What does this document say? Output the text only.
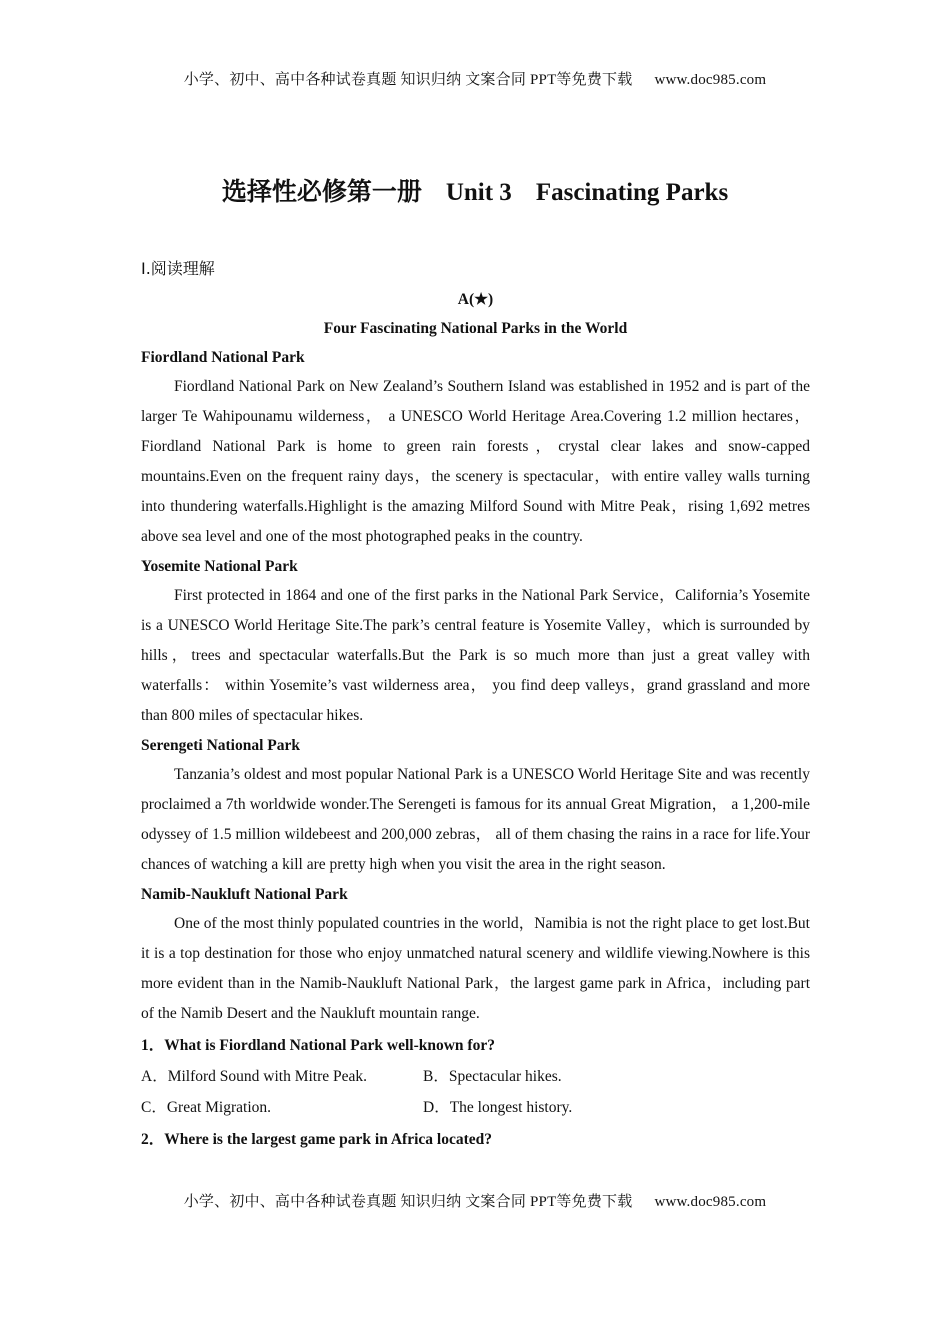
小学、初中、高中各种试卷真题 知识归纳 文案合同 PPT等免费下载 www.doc985.com
选择性必修第一册 Unit 3 Fascinating Parks
Ⅰ.阅读理解
A(★)
Four Fascinating National Parks in the World
Fiordland National Park

Fiordland National Park on New Zealand’s Southern Island was established in 1952 and is part of the larger Te Wahipounamu wilderness， a UNESCO World Heritage Area.Covering 1.2 million hectares，Fiordland National Park is home to green rain forests，crystal clear lakes and snow-capped mountains.Even on the frequent rainy days，the scenery is spectacular，with entire valley walls turning into thundering waterfalls.Highlight is the amazing Milford Sound with Mitre Peak，rising 1,692 metres above sea level and one of the most photographed peaks in the country.

Yosemite National Park

First protected in 1864 and one of the first parks in the National Park Service，California’s Yosemite is a UNESCO World Heritage Site.The park’s central feature is Yosemite Valley，which is surrounded by hills，trees and spectacular waterfalls.But the Park is so much more than just a great valley with waterfalls： within Yosemite’s vast wilderness area， you find deep valleys，grand grassland and more than 800 miles of spectacular hikes.

Serengeti National Park

Tanzania’s oldest and most popular National Park is a UNESCO World Heritage Site and was recently proclaimed a 7th worldwide wonder.The Serengeti is famous for its annual Great Migration， a 1,200-mile odyssey of 1.5 million wildebeest and 200,000 zebras， all of them chasing the rains in a race for life.Your chances of watching a kill are pretty high when you visit the area in the right season.

Namib-Naukluft National Park

One of the most thinly populated countries in the world，Namibia is not the right place to get lost.But it is a top destination for those who enjoy unmatched natural scenery and wildlife viewing.Nowhere is this more evident than in the Namib-Naukluft National Park，the largest game park in Africa，including part of the Namib Desert and the Naukluft mountain range.

1．What is Fiordland National Park well-known for?
A．Milford Sound with Mitre Peak.	B．Spectacular hikes.
C．Great Migration.	D．The longest history.
2．Where is the largest game park in Africa located?
小学、初中、高中各种试卷真题 知识归纳 文案合同 PPT等免费下载 www.doc985.com
